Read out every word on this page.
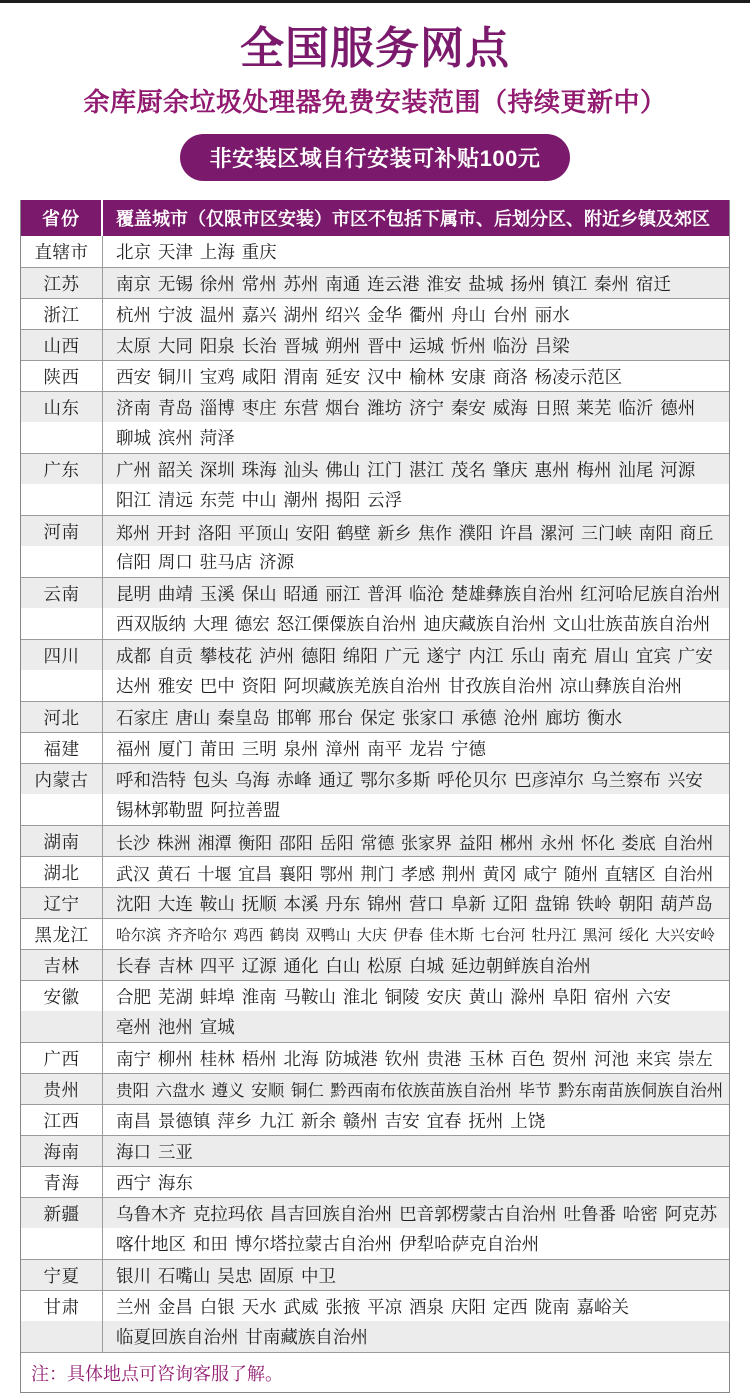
全国服务网点
余库厨余垃圾处理器免费安装范围（持续更新中）
非安装区域自行安装可补贴100元
省份	覆盖城市（仅限市区安装）市区不包括下属市、后划分区、附近乡镇及郊区
直辖市	北京 天津 上海 重庆
江苏	南京 无锡 徐州 常州 苏州 南通 连云港 淮安 盐城 扬州 镇江 秦州 宿迁
浙江	杭州 宁波 温州 嘉兴 湖州 绍兴 金华 衢州 舟山 台州 丽水
山西	太原 大同 阳泉 长治 晋城 朔州 晋中 运城 忻州 临汾 吕梁
陕西	西安 铜川 宝鸡 咸阳 渭南 延安 汉中 榆林 安康 商洛 杨凌示范区
山东	济南 青岛 淄博 枣庄 东营 烟台 潍坊 济宁 秦安 威海 日照 莱芜 临沂 德州
聊城 滨州 菏泽
广东	广州 韶关 深圳 珠海 汕头 佛山 江门 湛江 茂名 肇庆 惠州 梅州 汕尾 河源
阳江 清远 东莞 中山 潮州 揭阳 云浮
河南	郑州 开封 洛阳 平顶山 安阳 鹤壁 新乡 焦作 濮阳 许昌 漯河 三门峡 南阳 商丘
信阳 周口 驻马店 济源
云南	昆明 曲靖 玉溪 保山 昭通 丽江 普洱 临沧 楚雄彝族自治州 红河哈尼族自治州
西双版纳 大理 德宏 怒江傈僳族自治州 迪庆藏族自治州 文山壮族苗族自治州
四川	成都 自贡 攀枝花 泸州 德阳 绵阳 广元 遂宁 内江 乐山 南充 眉山 宜宾 广安
达州 雅安 巴中 资阳 阿坝藏族羌族自治州 甘孜族自治州 凉山彝族自治州
河北	石家庄 唐山 秦皇岛 邯郸 邢台 保定 张家口 承德 沧州 廊坊 衡水
福建	福州 厦门 莆田 三明 泉州 漳州 南平 龙岩 宁德
内蒙古	呼和浩特 包头 乌海 赤峰 通辽 鄂尔多斯 呼伦贝尔 巴彦淖尔 乌兰察布 兴安
锡林郭勒盟 阿拉善盟
湖南	长沙 株洲 湘潭 衡阳 邵阳 岳阳 常德 张家界 益阳 郴州 永州 怀化 娄底 自治州
湖北	武汉 黄石 十堰 宜昌 襄阳 鄂州 荆门 孝感 荆州 黄冈 咸宁 随州 直辖区 自治州
辽宁	沈阳 大连 鞍山 抚顺 本溪 丹东 锦州 营口 阜新 辽阳 盘锦 铁岭 朝阳 葫芦岛
黑龙江	哈尔滨 齐齐哈尔 鸡西 鹤岗 双鸭山 大庆 伊春 佳木斯 七台河 牡丹江 黑河 绥化 大兴安岭
吉林	长春 吉林 四平 辽源 通化 白山 松原 白城 延边朝鲜族自治州
安徽	合肥 芜湖 蚌埠 淮南 马鞍山 淮北 铜陵 安庆 黄山 滁州 阜阳 宿州 六安
亳州 池州 宣城
广西	南宁 柳州 桂林 梧州 北海 防城港 钦州 贵港 玉林 百色 贺州 河池 来宾 崇左
贵州	贵阳 六盘水 遵义 安顺 铜仁 黔西南布依族苗族自治州 毕节 黔东南苗族侗族自治州
江西	南昌 景德镇 萍乡 九江 新余 赣州 吉安 宜春 抚州 上饶
海南	海口 三亚
青海	西宁 海东
新疆	乌鲁木齐 克拉玛依 昌吉回族自治州 巴音郭楞蒙古自治州 吐鲁番 哈密 阿克苏
喀什地区 和田 博尔塔拉蒙古自治州 伊犁哈萨克自治州
宁夏	银川 石嘴山 吴忠 固原 中卫
甘肃	兰州 金昌 白银 天水 武威 张掖 平凉 酒泉 庆阳 定西 陇南 嘉峪关
临夏回族自治州 甘南藏族自治州
注：具体地点可咨询客服了解。
